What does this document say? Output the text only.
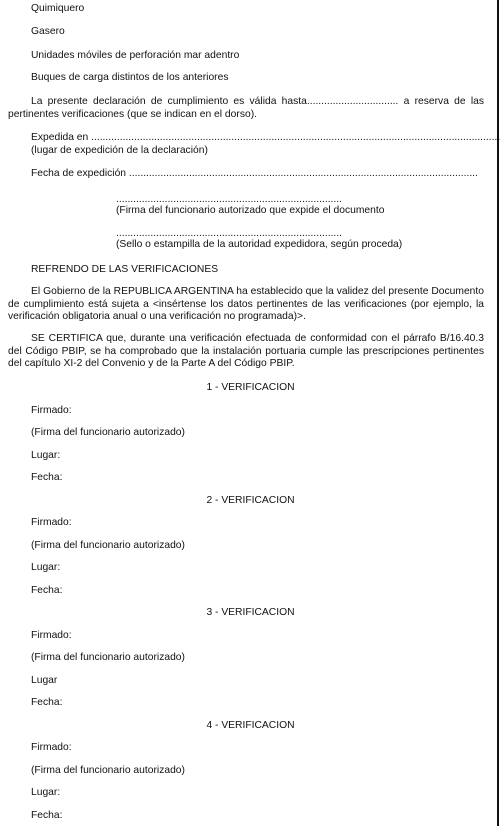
Quimiquero
Gasero
Unidades móviles de perforación mar adentro
Buques de carga distintos de los anteriores
La presente declaración de cumplimiento es válida hasta................................ a reserva de las pertinentes verificaciones (que se indican en el dorso).
Expedida en ...............................................................................................................................................
(lugar de expedición de la declaración)
Fecha de expedición ..........................................................................................................................
...............................................................................
(Firma del funcionario autorizado que expide el documento
...............................................................................
(Sello o estampilla de la autoridad expedidora, según proceda)
REFRENDO DE LAS VERIFICACIONES
El Gobierno de la REPUBLICA ARGENTINA ha establecido que la validez del presente Documento de cumplimiento está sujeta a <insértense los datos pertinentes de las verificaciones (por ejemplo, la verificación obligatoria anual o una verificación no programada)>.
SE CERTIFICA que, durante una verificación efectuada de conformidad con el párrafo B/16.40.3 del Código PBIP, se ha comprobado que la instalación portuaria cumple las prescripciones pertinentes del capítulo XI-2 del Convenio y de la Parte A del Código PBIP.
1 - VERIFICACION
Firmado:
(Firma del funcionario autorizado)
Lugar:
Fecha:
2 - VERIFICACION
Firmado:
(Firma del funcionario autorizado)
Lugar:
Fecha:
3 - VERIFICACION
Firmado:
(Firma del funcionario autorizado)
Lugar
Fecha:
4 - VERIFICACION
Firmado:
(Firma del funcionario autorizado)
Lugar:
Fecha:
